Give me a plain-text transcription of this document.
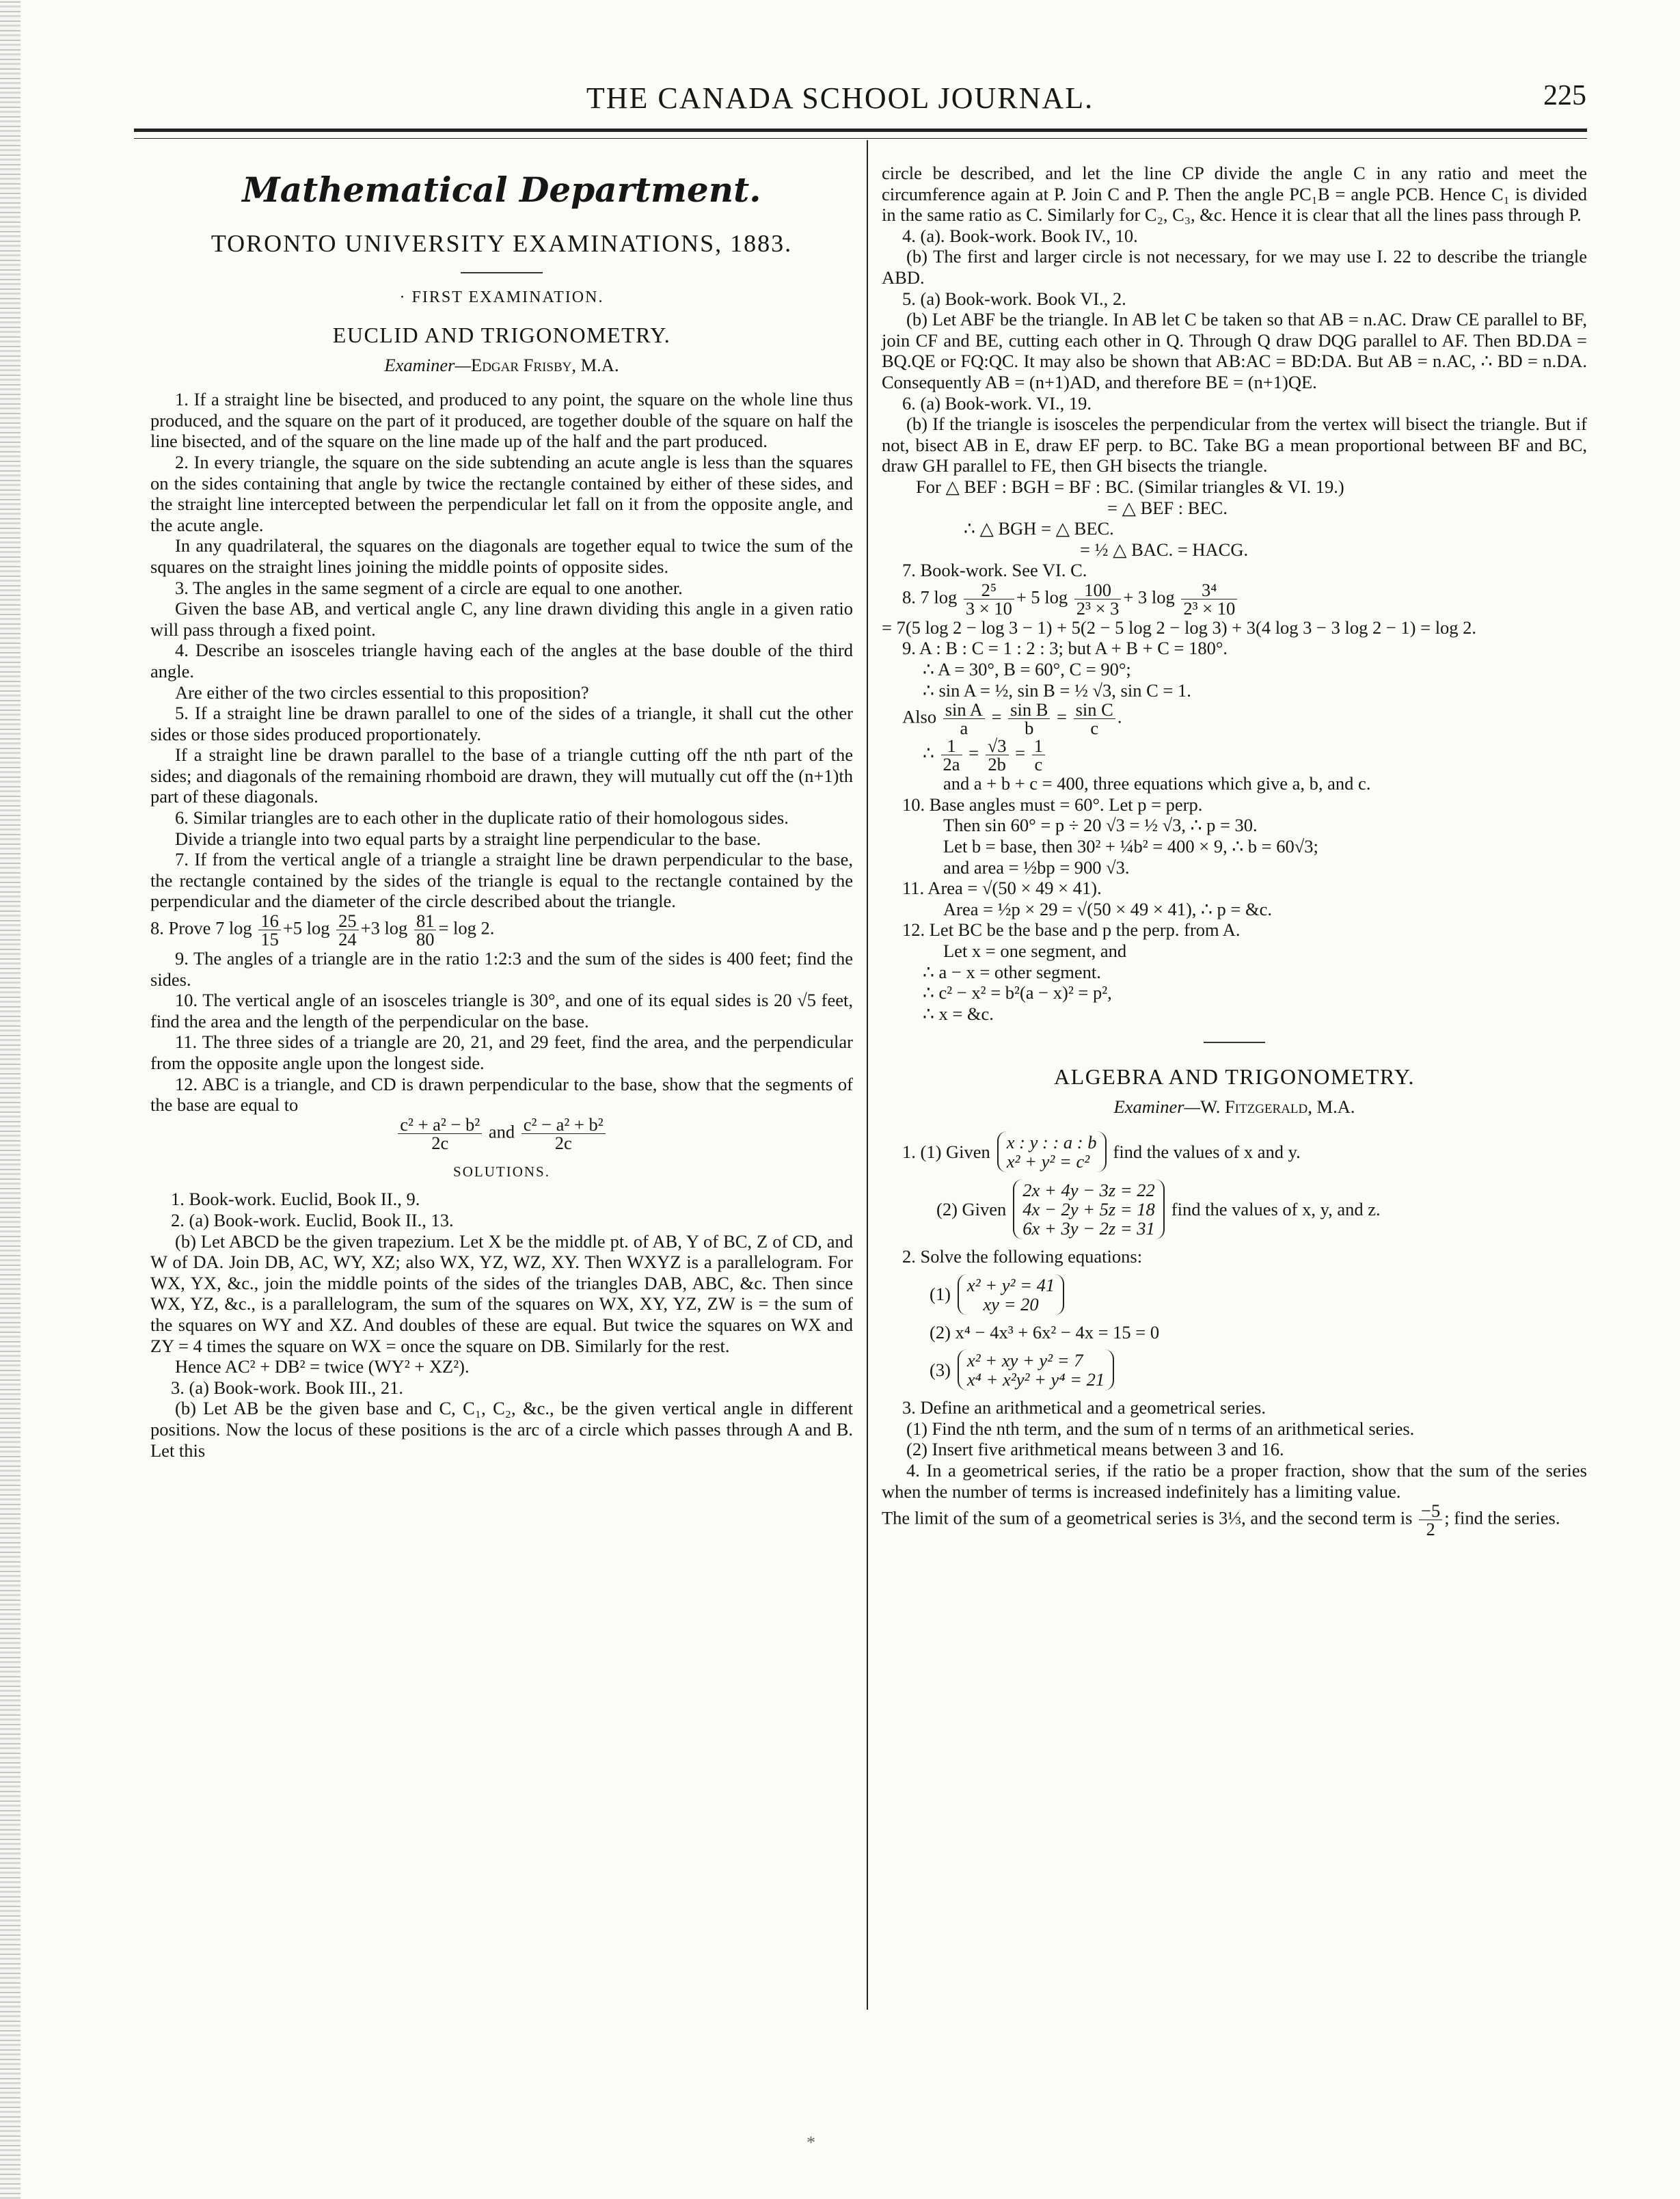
THE CANADA SCHOOL JOURNAL.	225
Mathematical Department.
TORONTO UNIVERSITY EXAMINATIONS, 1883.
· FIRST EXAMINATION.
EUCLID AND TRIGONOMETRY.
Examiner—Edgar Frisby, M.A.

1. If a straight line be bisected, and produced to any point, the square on the whole line thus produced, and the square on the part of it produced, are together double of the square on half the line bisected, and of the square on the line made up of the half and the part produced.

2. In every triangle, the square on the side subtending an acute angle is less than the squares on the sides containing that angle by twice the rectangle contained by either of these sides, and the straight line intercepted between the perpendicular let fall on it from the opposite angle, and the acute angle.

In any quadrilateral, the squares on the diagonals are together equal to twice the sum of the squares on the straight lines joining the middle points of opposite sides.

3. The angles in the same segment of a circle are equal to one another.

Given the base AB, and vertical angle C, any line drawn dividing this angle in a given ratio will pass through a fixed point.

4. Describe an isosceles triangle having each of the angles at the base double of the third angle.

Are either of the two circles essential to this proposition?

5. If a straight line be drawn parallel to one of the sides of a triangle, it shall cut the other sides or those sides produced proportionately.

If a straight line be drawn parallel to the base of a triangle cutting off the nth part of the sides; and diagonals of the remaining rhomboid are drawn, they will mutually cut off the (n+1)th part of these diagonals.

6. Similar triangles are to each other in the duplicate ratio of their homologous sides.

Divide a triangle into two equal parts by a straight line perpendicular to the base.

7. If from the vertical angle of a triangle a straight line be drawn perpendicular to the base, the rectangle contained by the sides of the triangle is equal to the rectangle contained by the perpendicular and the diameter of the circle described about the triangle.

8. Prove 7 $\log \frac{16}{15} +5$ $\log \frac{25}{24} +3$ $\log \frac{81}{80} = \log 2$.

9. The angles of a triangle are in the ratio 1:2:3 and the sum of the sides is 400 feet; find the sides.

10. The vertical angle of an isosceles triangle is 30°, and one of its equal sides is 20 √5 feet, find the area and the length of the perpendicular on the base.

11. The three sides of a triangle are 20, 21, and 29 feet, find the area, and the perpendicular from the opposite angle upon the longest side.

12. ABC is a triangle, and CD is drawn perpendicular to the base, show that the segments of the base are equal to

$\frac{\text{c² + a² − b²}}{2c}$ and $\frac{\text{c² − a² + b²}}{2c}$

SOLUTIONS.

1. Book-work. Euclid, Book II., 9.

2. (a) Book-work. Euclid, Book II., 13.

(b) Let ABCD be the given trapezium. Let X be the middle pt. of AB, Y of BC, Z of CD, and W of DA. Join DB, AC, WY, XZ; also WX, YZ, WZ, XY. Then WXYZ is a parallelogram. For WX, YX, &c., join the middle points of the sides of the triangles DAB, ABC, &c. Then since WX, YZ, &c., is a parallelogram, the sum of the squares on WX, XY, YZ, ZW is = the sum of the squares on WY and XZ. And doubles of these are equal. But twice the squares on WX and ZY = 4 times the square on WX = once the square on DB. Similarly for the rest.

Hence AC² + DB² = twice (WY² + XZ²).

3. (a) Book-work. Book III., 21.

(b) Let AB be the given base and C, C₁, C₂, &c., be the given vertical angle in different positions. Now the locus of these positions is the arc of a circle which passes through A and B. Let this

circle be described, and let the line CP divide the angle C in any ratio and meet the circumference again at P. Join C and P. Then the angle PC₁B = angle PCB. Hence C₁ is divided in the same ratio as C. Similarly for C₂, C₃, &c. Hence it is clear that all the lines pass through P.

4. (a). Book-work. Book IV., 10.

(b) The first and larger circle is not necessary, for we may use I. 22 to describe the triangle ABD.

5. (a) Book-work. Book VI., 2.

(b) Let ABF be the triangle. In AB let C be taken so that AB = n.AC. Draw CE parallel to BF, join CF and BE, cutting each other in Q. Through Q draw DQG parallel to AF. Then BD.DA = BQ.QE or FQ:QC. It may also be shown that AB:AC = BD:DA. But AB = n.AC, ∴ BD = n.DA. Consequently AB = (n+1)AD, and therefore BE = (n+1)QE.

6. (a) Book-work. VI., 19.

(b) If the triangle is isosceles the perpendicular from the vertex will bisect the triangle. But if not, bisect AB in E, draw EF perp. to BC. Take BG a mean proportional between BF and BC, draw GH parallel to FE, then GH bisects the triangle.

For △ BEF : BGH = BF : BC. (Similar triangles & VI. 19.)

= △ BEF : BEC.

∴ △ BGH = △ BEC.

= ½ △ BAC. = HACG.

7. Book-work. See VI. C.

8. 7 $\log \frac{\text{2⁵}}{3 \times 10} + 5$ $\log \frac{100}{\text{2³ × 3}} + 3$ $\log \frac{\text{3⁴}}{\text{2³ × 10}}$

= 7(5 log 2 − log 3 − 1) + 5(2 − 5 log 2 − log 3) + 3(4 log 3 − 3 log 2 − 1) = log 2.

9. A : B : C = 1 : 2 : 3; but A + B + C = 180°.

∴ A = 30°, B = 60°, C = 90°;

∴ sin A = ½, sin B = ½ √3, sin C = 1.

Also $\frac{\text{sin A}}{a} = \frac{\text{sin B}}{b} = \frac{\text{sin C}}{c}$ .

∴ $\frac{1}{2a} = \frac{√3}{2b} = \frac{1}{c}$

and a + b + c = 400, three equations which give a, b, and c.

10. Base angles must = 60°. Let p = perp.

Then sin 60° = p ÷ 20 √3 = ½ √3, ∴ p = 30.

Let b = base, then 30² + ¼b² = 400 × 9, ∴ b = 60√3;

and area = ½bp = 900 √3.

11. Area = √(50 × 49 × 41).

Area = ½p × 29 = √(50 × 49 × 41), ∴ p = &c.

12. Let BC be the base and p the perp. from A.

Let x = one segment, and

∴ a − x = other segment.

∴ c² − x² = b²(a − x)² = p²,

∴ x = &c.

ALGEBRA AND TRIGONOMETRY.
Examiner—W. Fitzgerald, M.A.
1. (1) Given x : y : : a : b
x² + y² = c²	find the values of x and y.
(2) Given
2x + 4y − 3z = 22
4x − 2y + 5z = 18
6x + 3y − 2z = 31
find the values of x, y, and z.

2. Solve the following equations:

(1) x² + y² = 41
xy = 20

(2) x⁴ − 4x³ + 6x² − 4x = 15 = 0

(3) x² + xy + y² = 7
x⁴ + x²y² + y⁴ = 21

3. Define an arithmetical and a geometrical series.

(1) Find the nth term, and the sum of n terms of an arithmetical series.

(2) Insert five arithmetical means between 3 and 16.

4. In a geometrical series, if the ratio be a proper fraction, show that the sum of the series when the number of terms is increased indefinitely has a limiting value.

The limit of the sum of a geometrical series is 3⅓, and the second term is $\frac{-5}{2}$ ; find the series.

*
